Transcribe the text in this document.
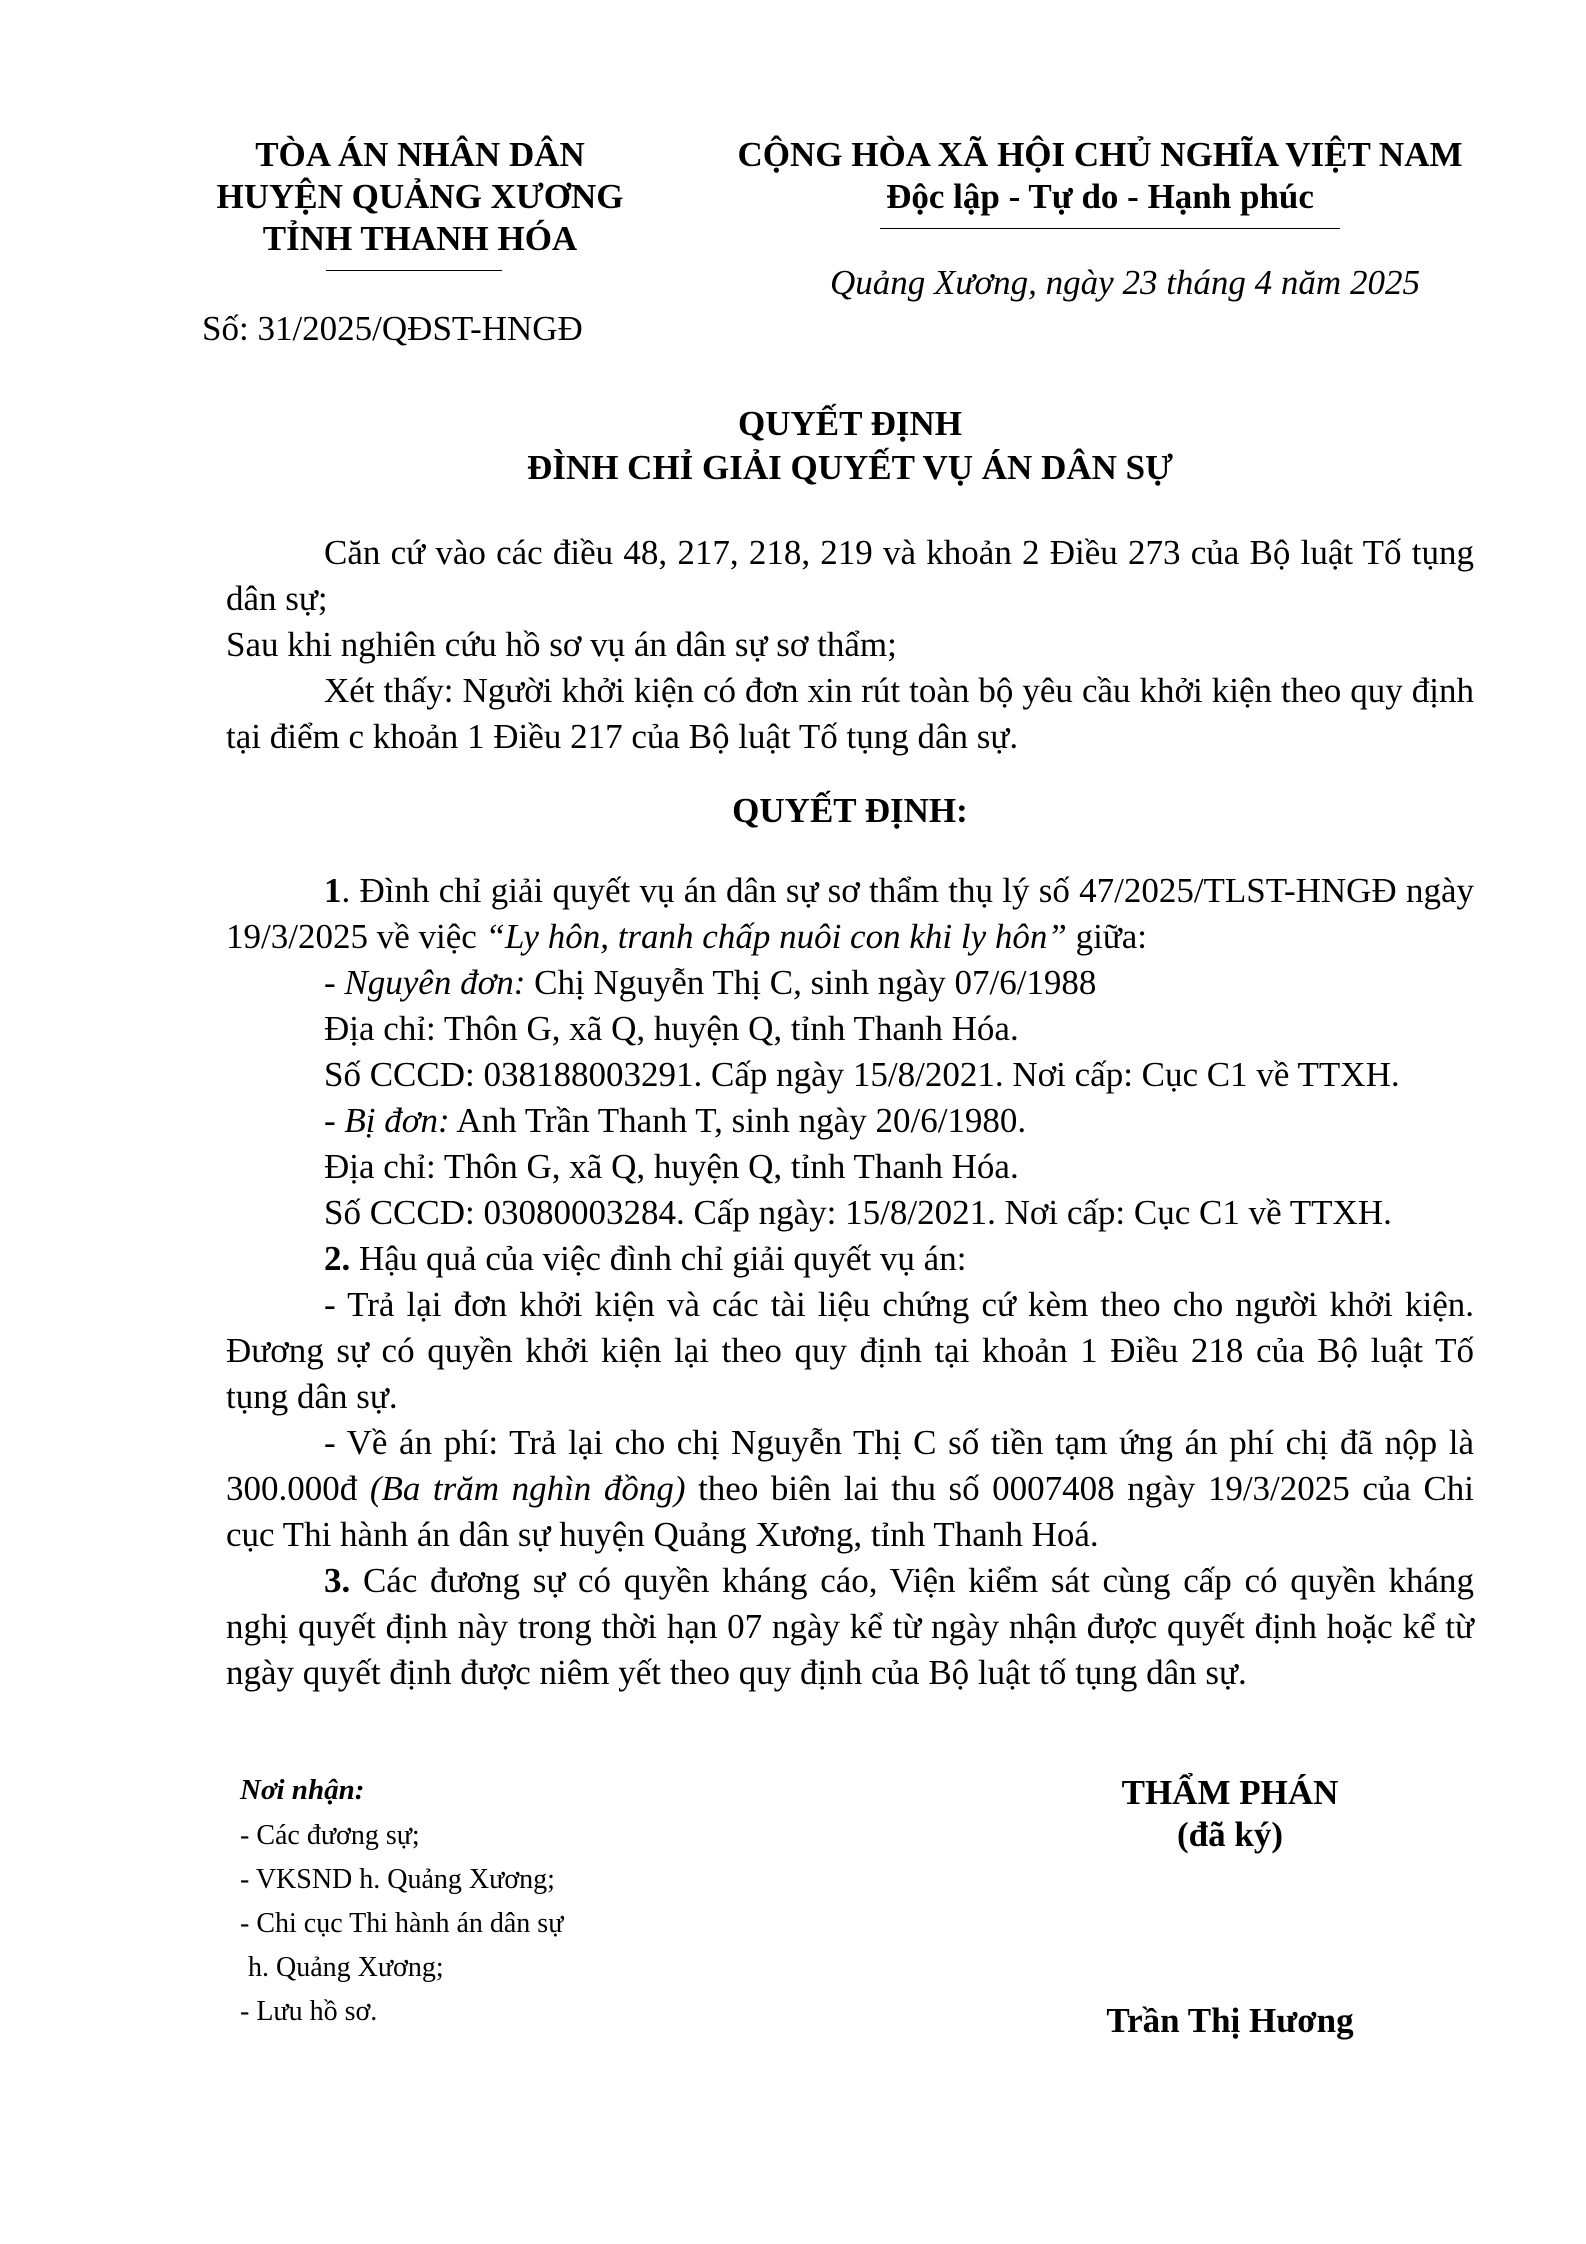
TÒA ÁN NHÂN DÂN
HUYỆN QUẢNG XƯƠNG
TỈNH THANH HÓA
Số: 31/2025/QĐST-HNGĐ
CỘNG HÒA XÃ HỘI CHỦ NGHĨA VIỆT NAM
Độc lập - Tự do - Hạnh phúc
Quảng Xương, ngày 23 tháng 4 năm 2025
QUYẾT ĐỊNH
ĐÌNH CHỈ GIẢI QUYẾT VỤ ÁN DÂN SỰ
Căn cứ vào các điều 48, 217, 218, 219 và khoản 2 Điều 273 của Bộ luật Tố tụng dân sự;
Sau khi nghiên cứu hồ sơ vụ án dân sự sơ thẩm;
Xét thấy: Người khởi kiện có đơn xin rút toàn bộ yêu cầu khởi kiện theo quy định tại điểm c khoản 1 Điều 217 của Bộ luật Tố tụng dân sự.
QUYẾT ĐỊNH:
1. Đình chỉ giải quyết vụ án dân sự sơ thẩm thụ lý số 47/2025/TLST-HNGĐ ngày 19/3/2025 về việc “Ly hôn, tranh chấp nuôi con khi ly hôn” giữa:
- Nguyên đơn: Chị Nguyễn Thị C, sinh ngày 07/6/1988
Địa chỉ: Thôn G, xã Q, huyện Q, tỉnh Thanh Hóa.
Số CCCD: 038188003291. Cấp ngày 15/8/2021. Nơi cấp: Cục C1 về TTXH.
- Bị đơn: Anh Trần Thanh T, sinh ngày 20/6/1980.
Địa chỉ: Thôn G, xã Q, huyện Q, tỉnh Thanh Hóa.
Số CCCD: 03080003284. Cấp ngày: 15/8/2021. Nơi cấp: Cục C1 về TTXH.
2. Hậu quả của việc đình chỉ giải quyết vụ án:
- Trả lại đơn khởi kiện và các tài liệu chứng cứ kèm theo cho người khởi kiện. Đương sự có quyền khởi kiện lại theo quy định tại khoản 1 Điều 218 của Bộ luật Tố tụng dân sự.
- Về án phí: Trả lại cho chị Nguyễn Thị C số tiền tạm ứng án phí chị đã nộp là 300.000đ (Ba trăm nghìn đồng) theo biên lai thu số 0007408 ngày 19/3/2025 của Chi cục Thi hành án dân sự huyện Quảng Xương, tỉnh Thanh Hoá.
3. Các đương sự có quyền kháng cáo, Viện kiểm sát cùng cấp có quyền kháng nghị quyết định này trong thời hạn 07 ngày kể từ ngày nhận được quyết định hoặc kể từ ngày quyết định được niêm yết theo quy định của Bộ luật tố tụng dân sự.
Nơi nhận:
- Các đương sự;
- VKSND h. Quảng Xương;
- Chi cục Thi hành án dân sự
h. Quảng Xương;
- Lưu hồ sơ.
THẨM PHÁN
(đã ký)
Trần Thị Hương
